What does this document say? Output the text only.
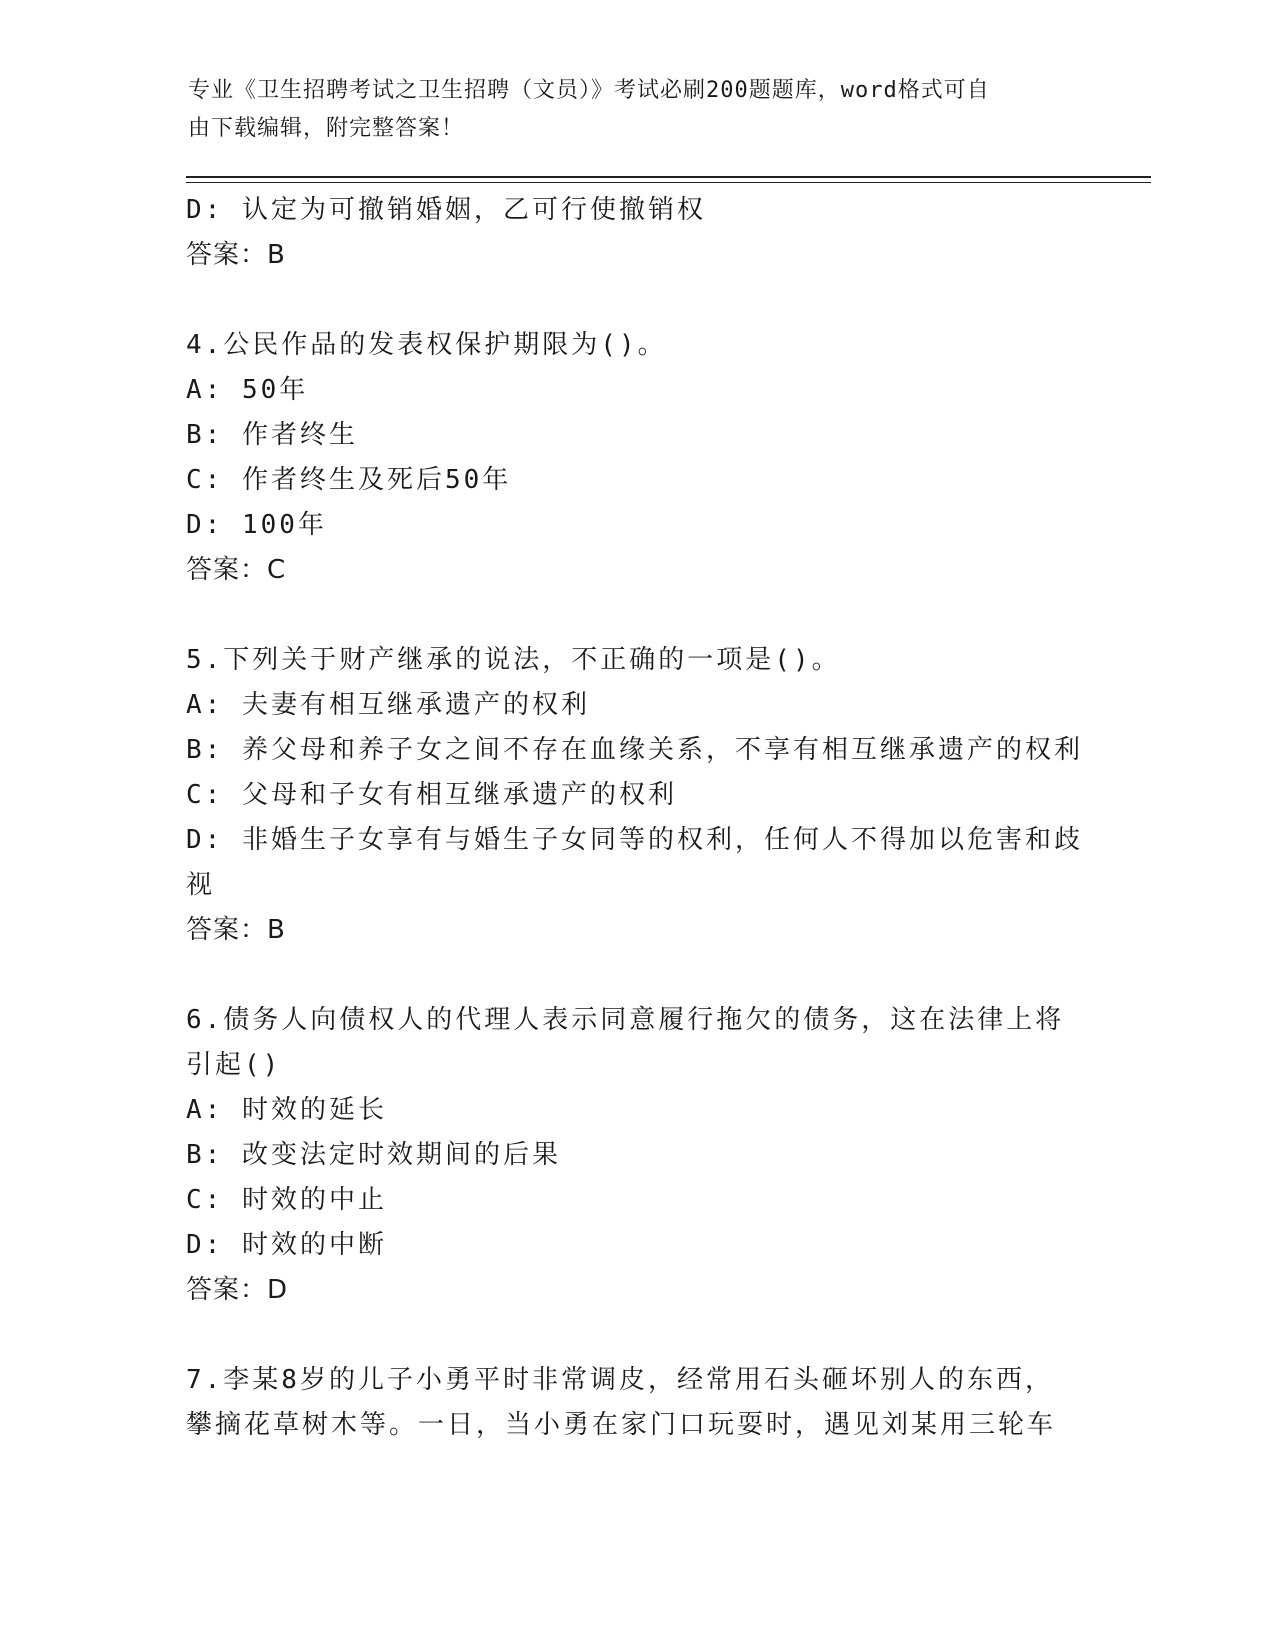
专业《卫生招聘考试之卫生招聘（文员）》考试必刷200题题库，word格式可自
由下载编辑，附完整答案！
D: 认定为可撤销婚姻，乙可行使撤销权
答案：B
4.公民作品的发表权保护期限为()。
A: 50年
B: 作者终生
C: 作者终生及死后50年
D: 100年
答案：C
5.下列关于财产继承的说法，不正确的一项是()。
A: 夫妻有相互继承遗产的权利
B: 养父母和养子女之间不存在血缘关系，不享有相互继承遗产的权利
C: 父母和子女有相互继承遗产的权利
D: 非婚生子女享有与婚生子女同等的权利，任何人不得加以危害和歧
视
答案：B
6.债务人向债权人的代理人表示同意履行拖欠的债务，这在法律上将
引起()
A: 时效的延长
B: 改变法定时效期间的后果
C: 时效的中止
D: 时效的中断
答案：D
7.李某8岁的儿子小勇平时非常调皮，经常用石头砸坏别人的东西，
攀摘花草树木等。一日，当小勇在家门口玩耍时，遇见刘某用三轮车
